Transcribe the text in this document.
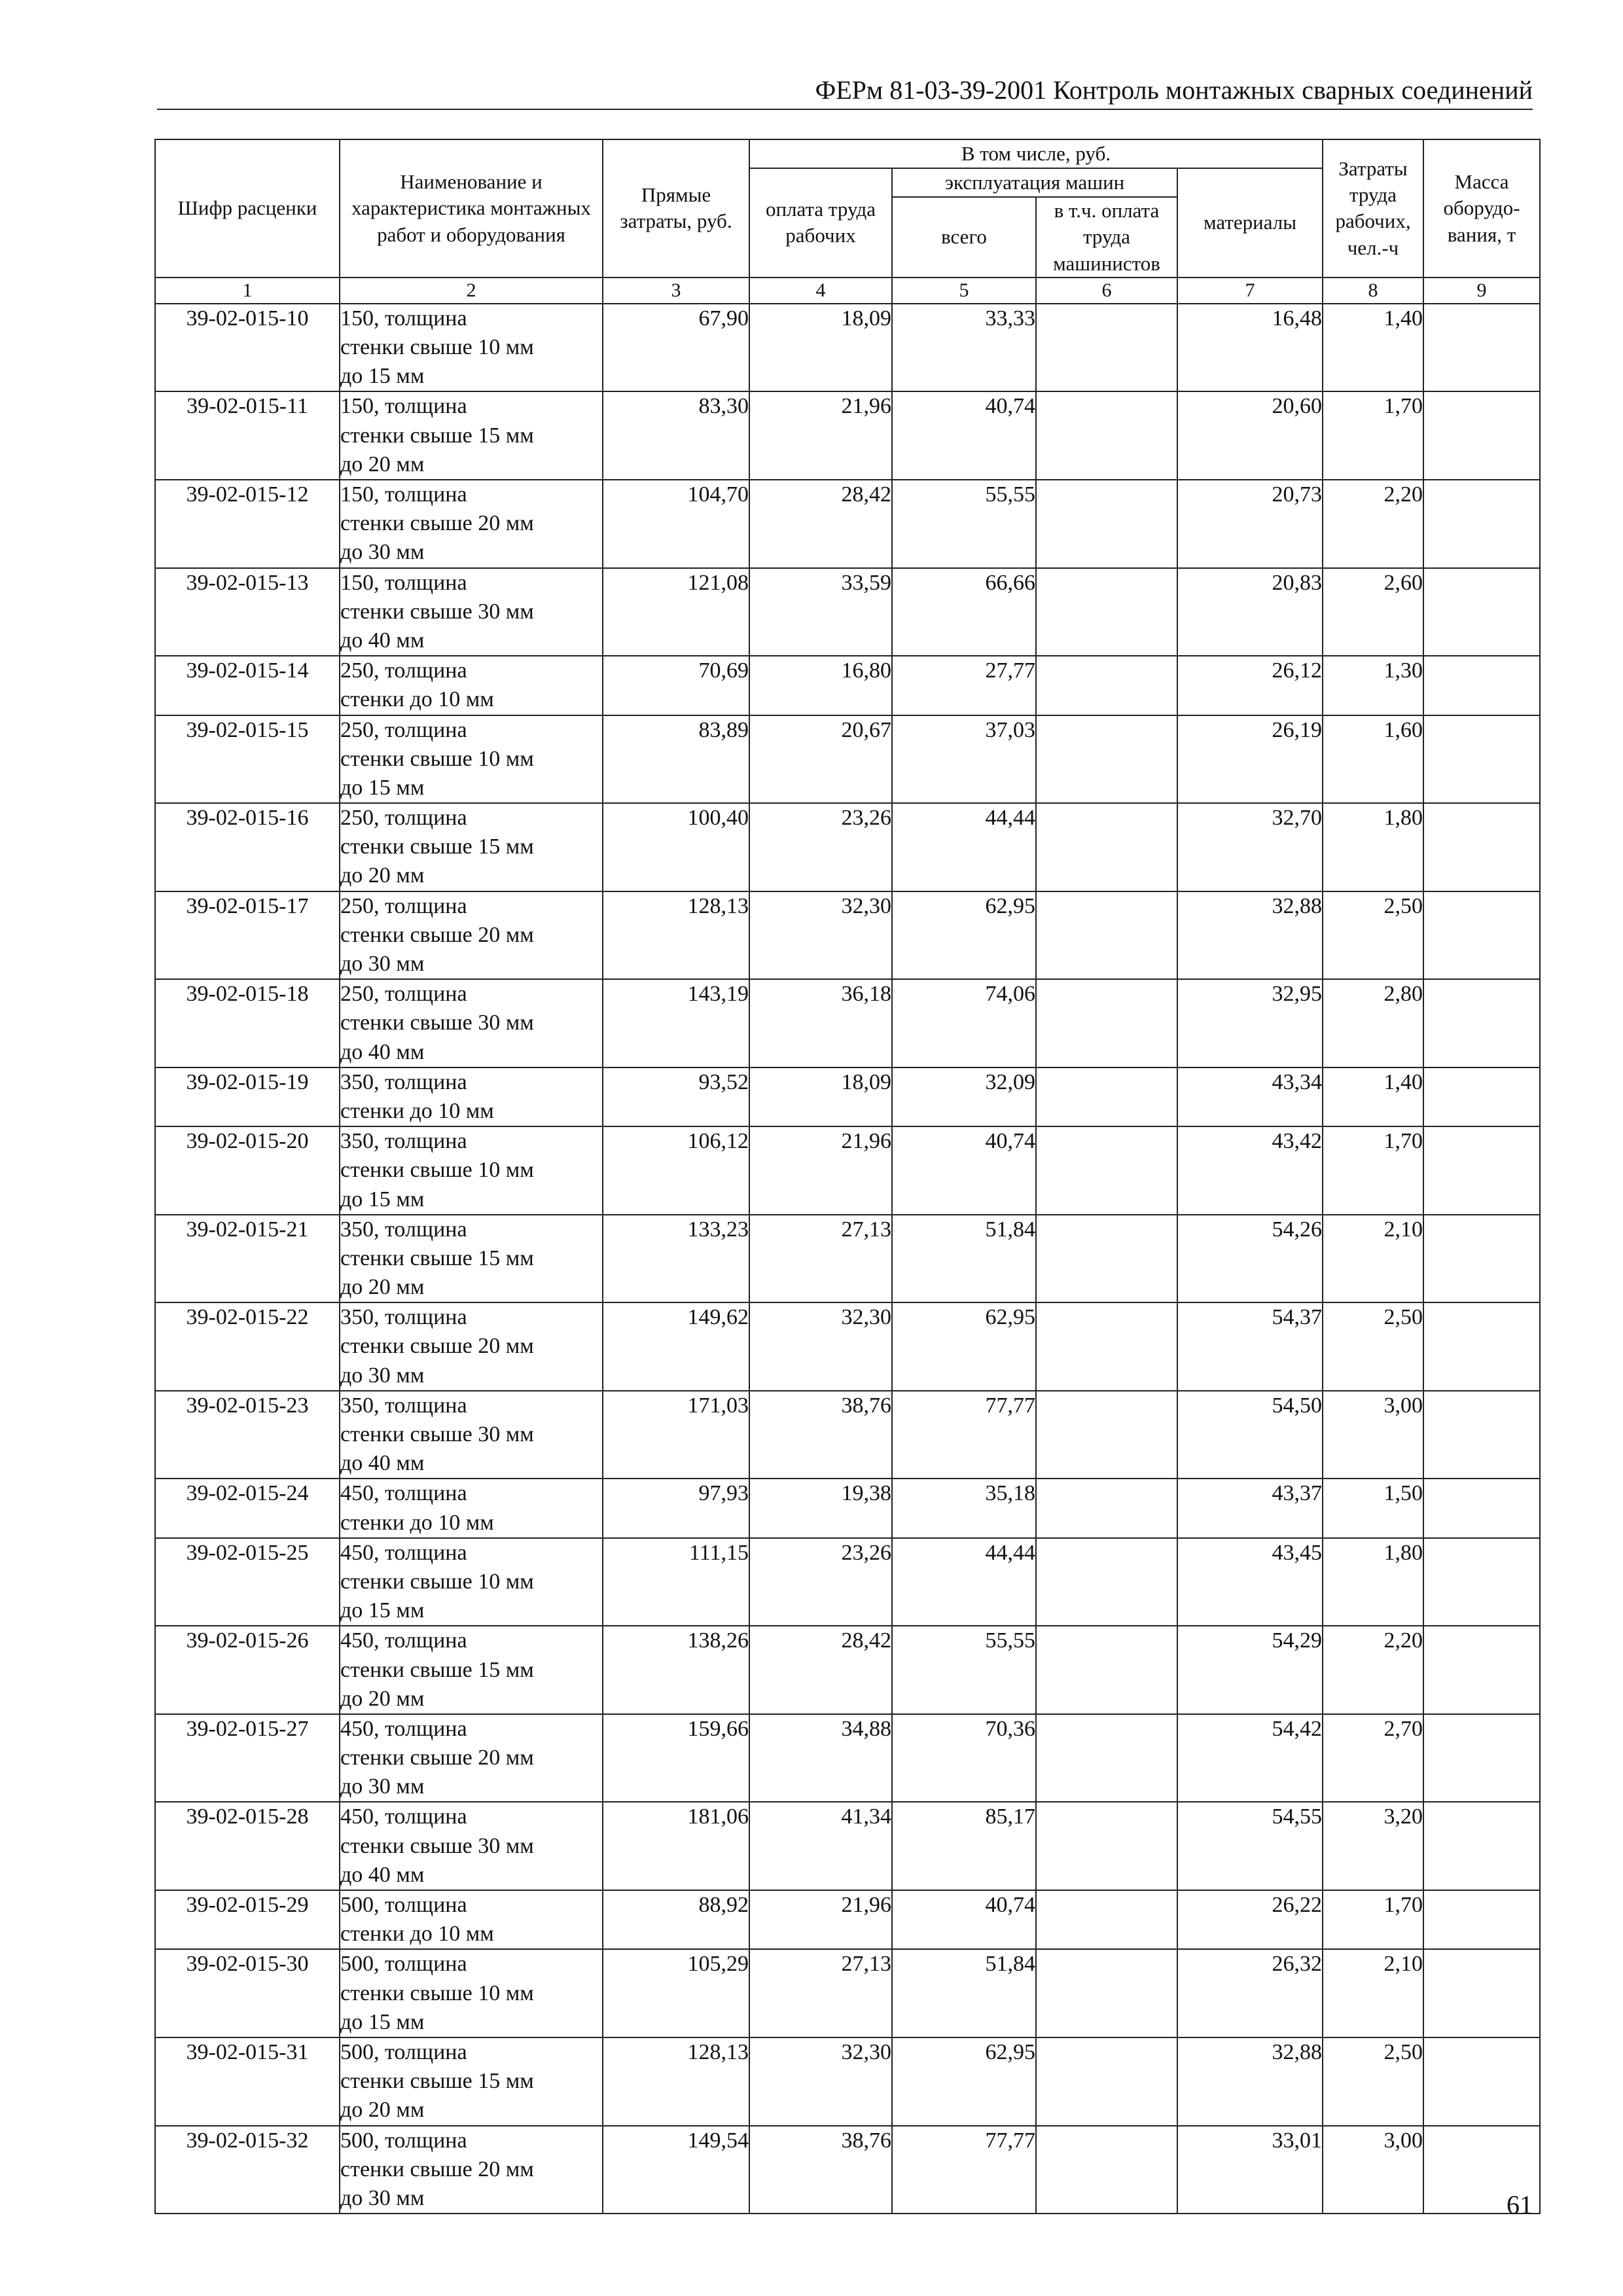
ФЕРм 81-03-39-2001 Контроль монтажных сварных соединений
Шифр расценки	Наименование и характеристика монтажных работ и оборудования	Прямые затраты, руб.	В том числе, руб.				Затраты труда рабочих, чел.-ч	Масса оборудо-вания, т
			оплата труда рабочих	эксплуатация машин		материалы		
				всего	в т.ч. оплата труда машинистов			
1	2	3	4	5	6	7	8	9
39-02-015-10	150, толщина
стенки свыше 10 мм
до 15 мм	67,90	18,09	33,33		16,48	1,40	
39-02-015-11	150, толщина
стенки свыше 15 мм
до 20 мм	83,30	21,96	40,74		20,60	1,70	
39-02-015-12	150, толщина
стенки свыше 20 мм
до 30 мм	104,70	28,42	55,55		20,73	2,20	
39-02-015-13	150, толщина
стенки свыше 30 мм
до 40 мм	121,08	33,59	66,66		20,83	2,60	
39-02-015-14	250, толщина
стенки до 10 мм	70,69	16,80	27,77		26,12	1,30	
39-02-015-15	250, толщина
стенки свыше 10 мм
до 15 мм	83,89	20,67	37,03		26,19	1,60	
39-02-015-16	250, толщина
стенки свыше 15 мм
до 20 мм	100,40	23,26	44,44		32,70	1,80	
39-02-015-17	250, толщина
стенки свыше 20 мм
до 30 мм	128,13	32,30	62,95		32,88	2,50	
39-02-015-18	250, толщина
стенки свыше 30 мм
до 40 мм	143,19	36,18	74,06		32,95	2,80	
39-02-015-19	350, толщина
стенки до 10 мм	93,52	18,09	32,09		43,34	1,40	
39-02-015-20	350, толщина
стенки свыше 10 мм
до 15 мм	106,12	21,96	40,74		43,42	1,70	
39-02-015-21	350, толщина
стенки свыше 15 мм
до 20 мм	133,23	27,13	51,84		54,26	2,10	
39-02-015-22	350, толщина
стенки свыше 20 мм
до 30 мм	149,62	32,30	62,95		54,37	2,50	
39-02-015-23	350, толщина
стенки свыше 30 мм
до 40 мм	171,03	38,76	77,77		54,50	3,00	
39-02-015-24	450, толщина
стенки до 10 мм	97,93	19,38	35,18		43,37	1,50	
39-02-015-25	450, толщина
стенки свыше 10 мм
до 15 мм	111,15	23,26	44,44		43,45	1,80	
39-02-015-26	450, толщина
стенки свыше 15 мм
до 20 мм	138,26	28,42	55,55		54,29	2,20	
39-02-015-27	450, толщина
стенки свыше 20 мм
до 30 мм	159,66	34,88	70,36		54,42	2,70	
39-02-015-28	450, толщина
стенки свыше 30 мм
до 40 мм	181,06	41,34	85,17		54,55	3,20	
39-02-015-29	500, толщина
стенки до 10 мм	88,92	21,96	40,74		26,22	1,70	
39-02-015-30	500, толщина
стенки свыше 10 мм
до 15 мм	105,29	27,13	51,84		26,32	2,10	
39-02-015-31	500, толщина
стенки свыше 15 мм
до 20 мм	128,13	32,30	62,95		32,88	2,50	
39-02-015-32	500, толщина
стенки свыше 20 мм
до 30 мм	149,54	38,76	77,77		33,01	3,00	
61
